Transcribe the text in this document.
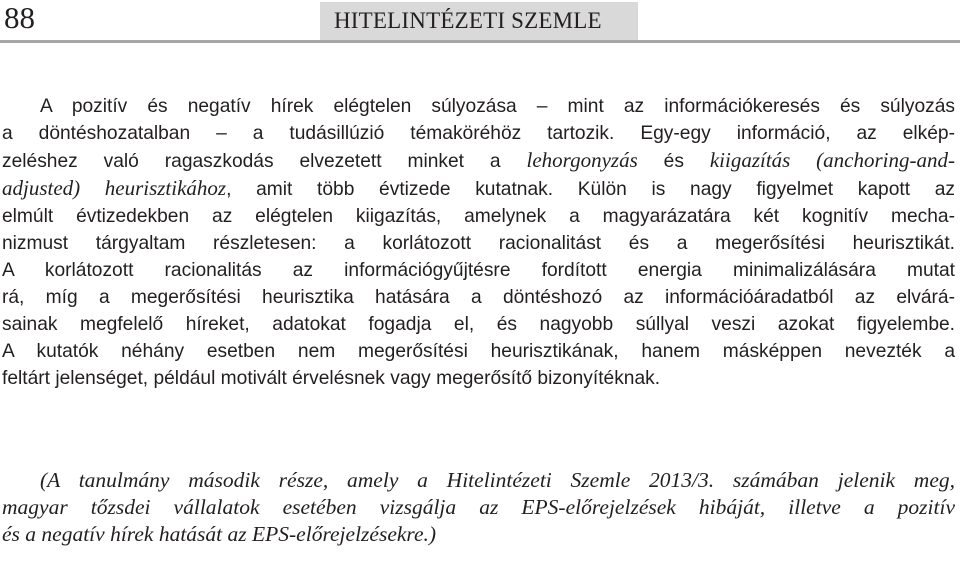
88	HITELINTÉZETI SZEMLE
A pozitív és negatív hírek elégtelen súlyozása – mint az információkeresés és súlyozás
a döntéshozatalban – a tudásillúzió témaköréhöz tartozik. Egy-egy információ, az elkép-
zeléshez való ragaszkodás elvezetett minket a lehorgonyzás és kiigazítás (anchoring-and-
adjusted) heurisztikához, amit több évtizede kutatnak. Külön is nagy figyelmet kapott az
elmúlt évtizedekben az elégtelen kiigazítás, amelynek a magyarázatára két kognitív mecha-
nizmust tárgyaltam részletesen: a korlátozott racionalitást és a megerősítési heurisztikát.
A korlátozott racionalitás az információgyűjtésre fordított energia minimalizálására mutat
rá, míg a megerősítési heurisztika hatására a döntéshozó az információáradatból az elvárá-
sainak megfelelő híreket, adatokat fogadja el, és nagyobb súllyal veszi azokat figyelembe.
A kutatók néhány esetben nem megerősítési heurisztikának, hanem másképpen nevezték a
feltárt jelenséget, például motivált érvelésnek vagy megerősítő bizonyítéknak.
(A tanulmány második része, amely a Hitelintézeti Szemle 2013/3. számában jelenik meg,
magyar tőzsdei vállalatok esetében vizsgálja az EPS-előrejelzések hibáját, illetve a pozitív
és a negatív hírek hatását az EPS-előrejelzésekre.)
